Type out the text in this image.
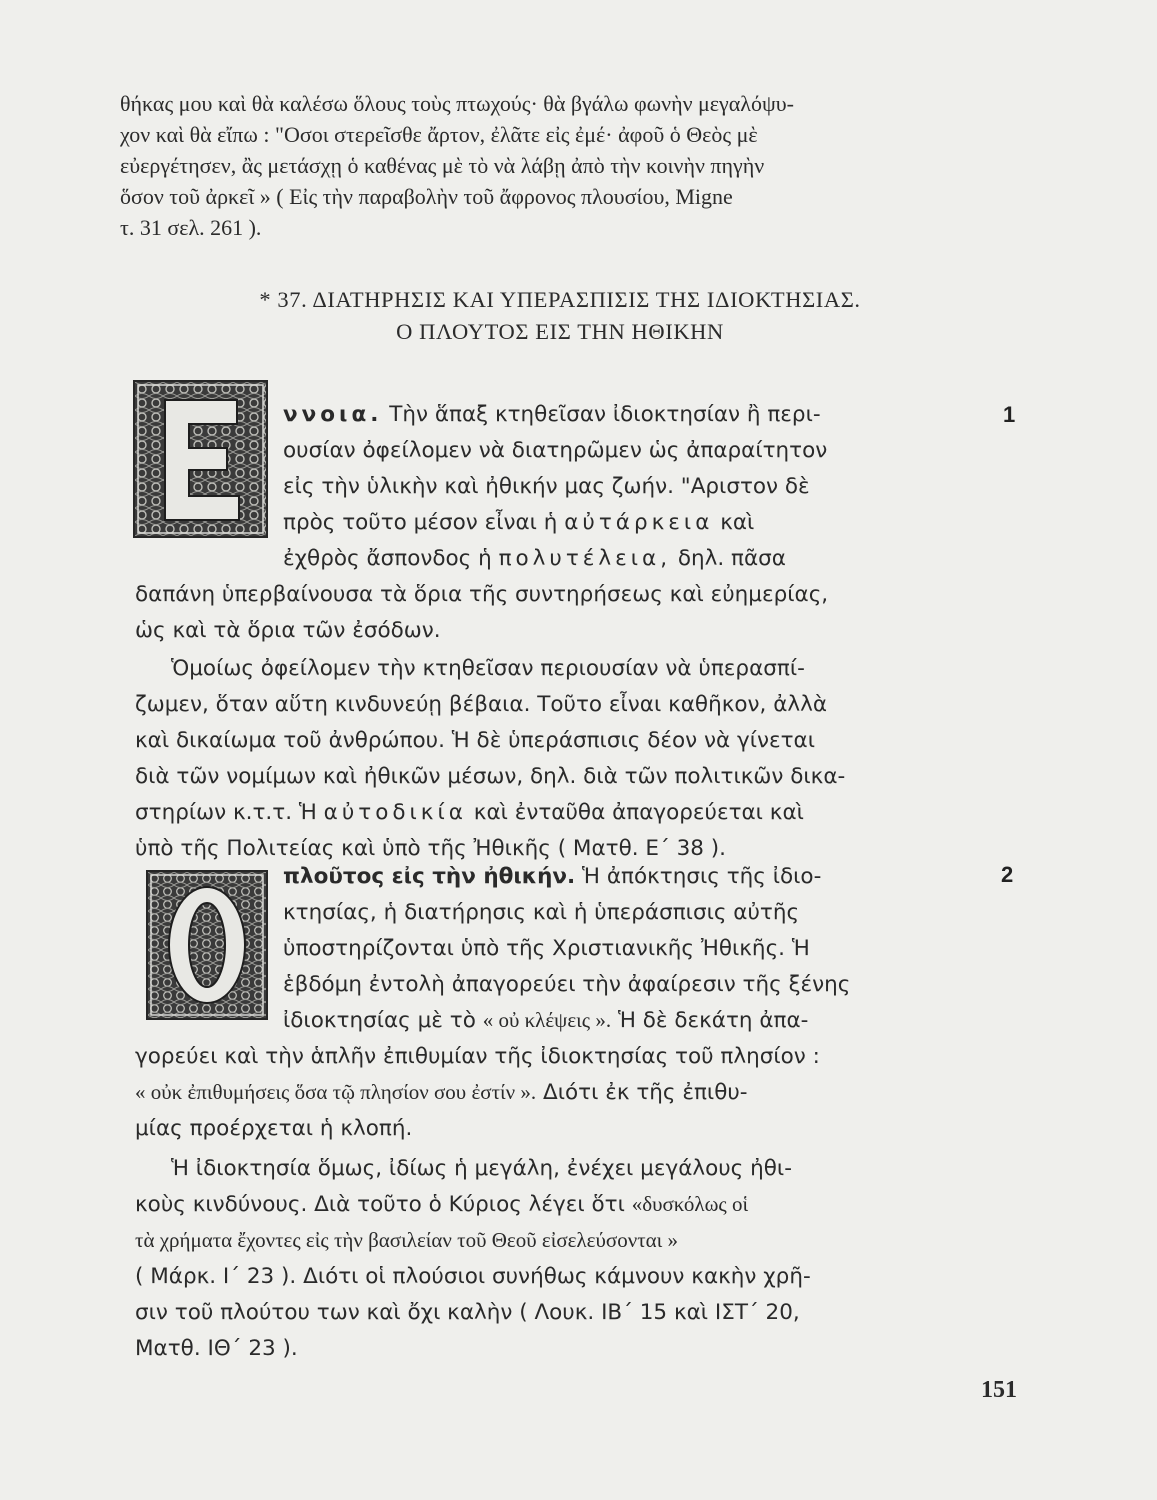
θήκας μου καὶ θὰ καλέσω ὅλους τοὺς πτωχούς· θὰ βγάλω φωνὴν μεγαλόψυ-
χον καὶ θὰ εἴπω : "Οσοι στερεῖσθε ἄρτον, ἐλᾶτε εἰς ἐμέ· ἀφοῦ ὁ Θεὸς μὲ
εὐεργέτησεν, ἂς μετάσχῃ ὁ καθένας μὲ τὸ νὰ λάβῃ ἀπὸ τὴν κοινὴν πηγὴν
ὅσον τοῦ ἀρκεῖ » ( Εἰς τὴν παραβολὴν τοῦ ἄφρονος πλουσίου, Migne
τ. 31 σελ. 261 ).
* 37. ΔΙΑΤΗΡΗΣΙΣ ΚΑΙ ΥΠΕΡΑΣΠΙΣΙΣ ΤΗΣ ΙΔΙΟΚΤΗΣΙΑΣ.
Ο ΠΛΟΥΤΟΣ ΕΙΣ ΤΗΝ ΗΘΙΚΗΝ
1
ννοια. Τὴν ἅπαξ κτηθεῖσαν ἰδιοκτησίαν ἢ περι-
ουσίαν ὀφείλομεν νὰ διατηρῶμεν ὡς ἀπαραίτητον
εἰς τὴν ὑλικὴν καὶ ἠθικήν μας ζωήν. "Αριστον δὲ
πρὸς τοῦτο μέσον εἶναι ἡ αὐτάρκεια καὶ
ἐχθρὸς ἄσπονδος ἡ πολυτέλεια, δηλ. πᾶσα
δαπάνη ὑπερβαίνουσα τὰ ὅρια τῆς συντηρήσεως καὶ εὐημερίας,
ὡς καὶ τὰ ὅρια τῶν ἐσόδων.
Ὁμοίως ὀφείλομεν τὴν κτηθεῖσαν περιουσίαν νὰ ὑπερασπί-
ζωμεν, ὅταν αὕτη κινδυνεύῃ βέβαια. Τοῦτο εἶναι καθῆκον, ἀλλὰ
καὶ δικαίωμα τοῦ ἀνθρώπου. Ἡ δὲ ὑπεράσπισις δέον νὰ γίνεται
διὰ τῶν νομίμων καὶ ἠθικῶν μέσων, δηλ. διὰ τῶν πολιτικῶν δικα-
στηρίων κ.τ.τ. Ἡ αὐτοδικία καὶ ἐνταῦθα ἀπαγορεύεται καὶ
ὑπὸ τῆς Πολιτείας καὶ ὑπὸ τῆς Ἠθικῆς ( Ματθ. Ε΄ 38 ).
2
πλοῦτος εἰς τὴν ἠθικήν. Ἡ ἀπόκτησις τῆς ἰδιο-
κτησίας, ἡ διατήρησις καὶ ἡ ὑπεράσπισις αὐτῆς
ὑποστηρίζονται ὑπὸ τῆς Χριστιανικῆς Ἠθικῆς. Ἡ
ἑβδόμη ἐντολὴ ἀπαγορεύει τὴν ἀφαίρεσιν τῆς ξένης
ἰδιοκτησίας μὲ τὸ « οὐ κλέψεις ». Ἡ δὲ δεκάτη ἀπα-
γορεύει καὶ τὴν ἁπλῆν ἐπιθυμίαν τῆς ἰδιοκτησίας τοῦ πλησίον :
« οὐκ ἐπιθυμήσεις ὅσα τῷ πλησίον σου ἐστίν ». Διότι ἐκ τῆς ἐπιθυ-
μίας προέρχεται ἡ κλοπή.
Ἡ ἰδιοκτησία ὅμως, ἰδίως ἡ μεγάλη, ἐνέχει μεγάλους ἠθι-
κοὺς κινδύνους. Διὰ τοῦτο ὁ Κύριος λέγει ὅτι «δυσκόλως οἱ
τὰ χρήματα ἔχοντες εἰς τὴν βασιλείαν τοῦ Θεοῦ εἰσελεύσονται »
( Μάρκ. Ι΄ 23 ). Διότι οἱ πλούσιοι συνήθως κάμνουν κακὴν χρῆ-
σιν τοῦ πλούτου των καὶ ὄχι καλὴν ( Λουκ. ΙΒ΄ 15 καὶ ΙΣΤ΄ 20,
Ματθ. ΙΘ΄ 23 ).
151
